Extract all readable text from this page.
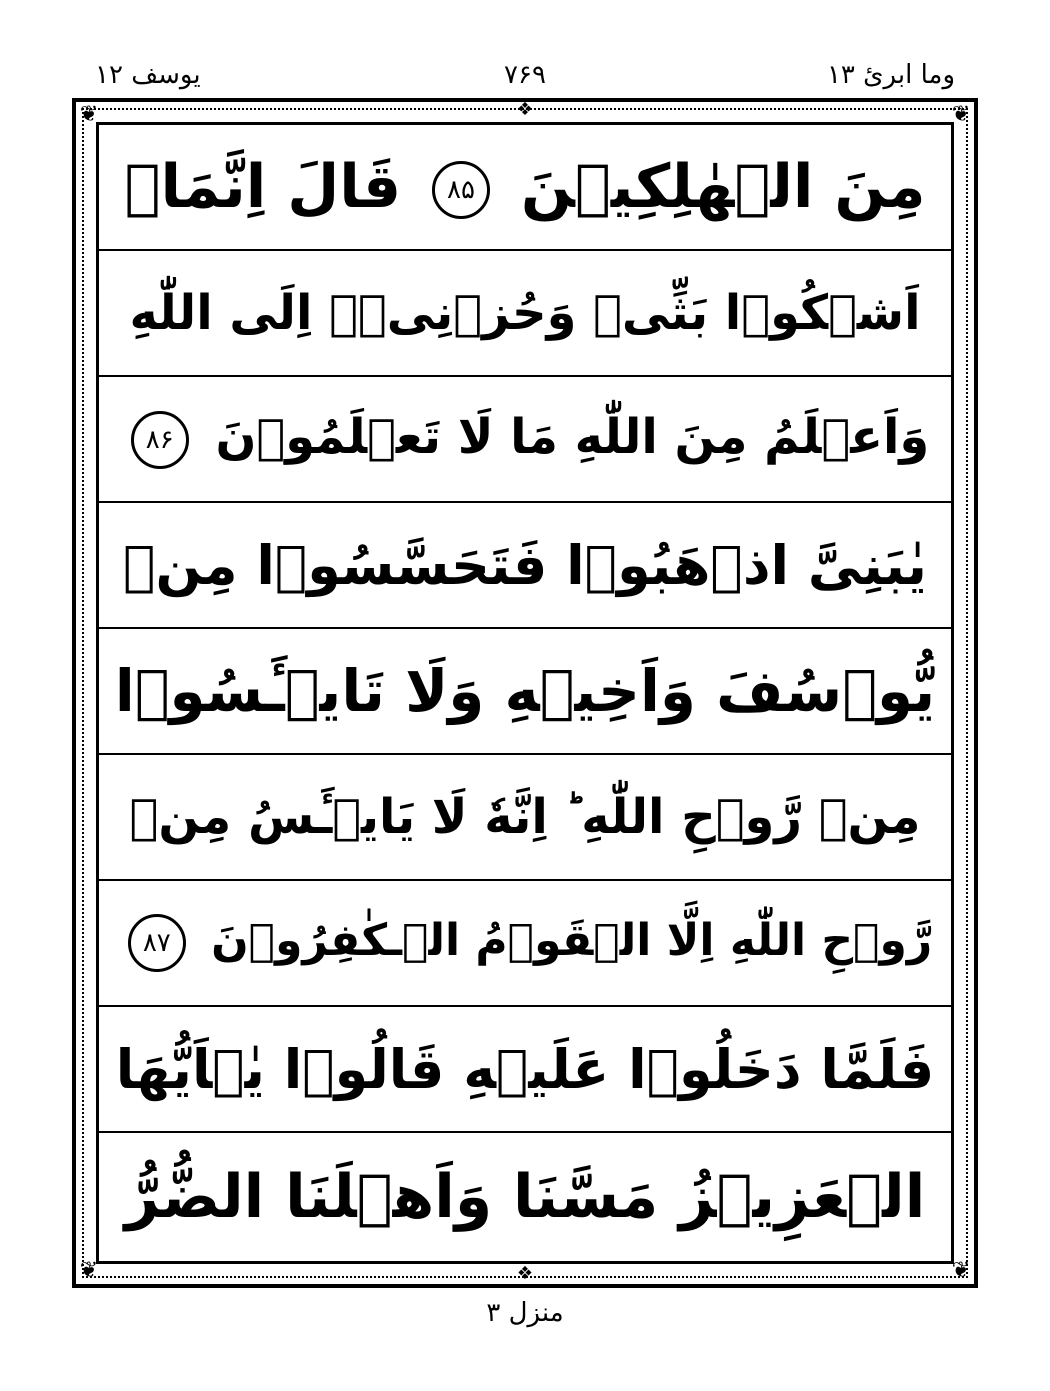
يوسف ۱۲	۷۶۹	وما ابرئ ۱۳
❦	❦
❦	❦
❖
❖
مِنَ الۡهٰلِكِيۡنَ ۸۵ قَالَ اِنَّمَاۤ
اَشۡكُوۡا بَثِّىۡ وَحُزۡنِىۡۤ اِلَى اللّٰهِ
وَاَعۡلَمُ مِنَ اللّٰهِ مَا لَا تَعۡلَمُوۡنَ ۸۶
يٰبَنِىَّ اذۡهَبُوۡا فَتَحَسَّسُوۡا مِنۡ
يُّوۡسُفَ وَاَخِيۡهِ وَلَا تَايۡـَٔسُوۡا
مِنۡ رَّوۡحِ اللّٰهِ ؕ اِنَّهٗ لَا يَايۡـَٔسُ مِنۡ
رَّوۡحِ اللّٰهِ اِلَّا الۡقَوۡمُ الۡـكٰفِرُوۡنَ ۸۷
فَلَمَّا دَخَلُوۡا عَلَيۡهِ قَالُوۡا يٰۤاَيُّهَا
الۡعَزِيۡزُ مَسَّنَا وَاَهۡلَنَا الضُّرُّ
منزل ۳
